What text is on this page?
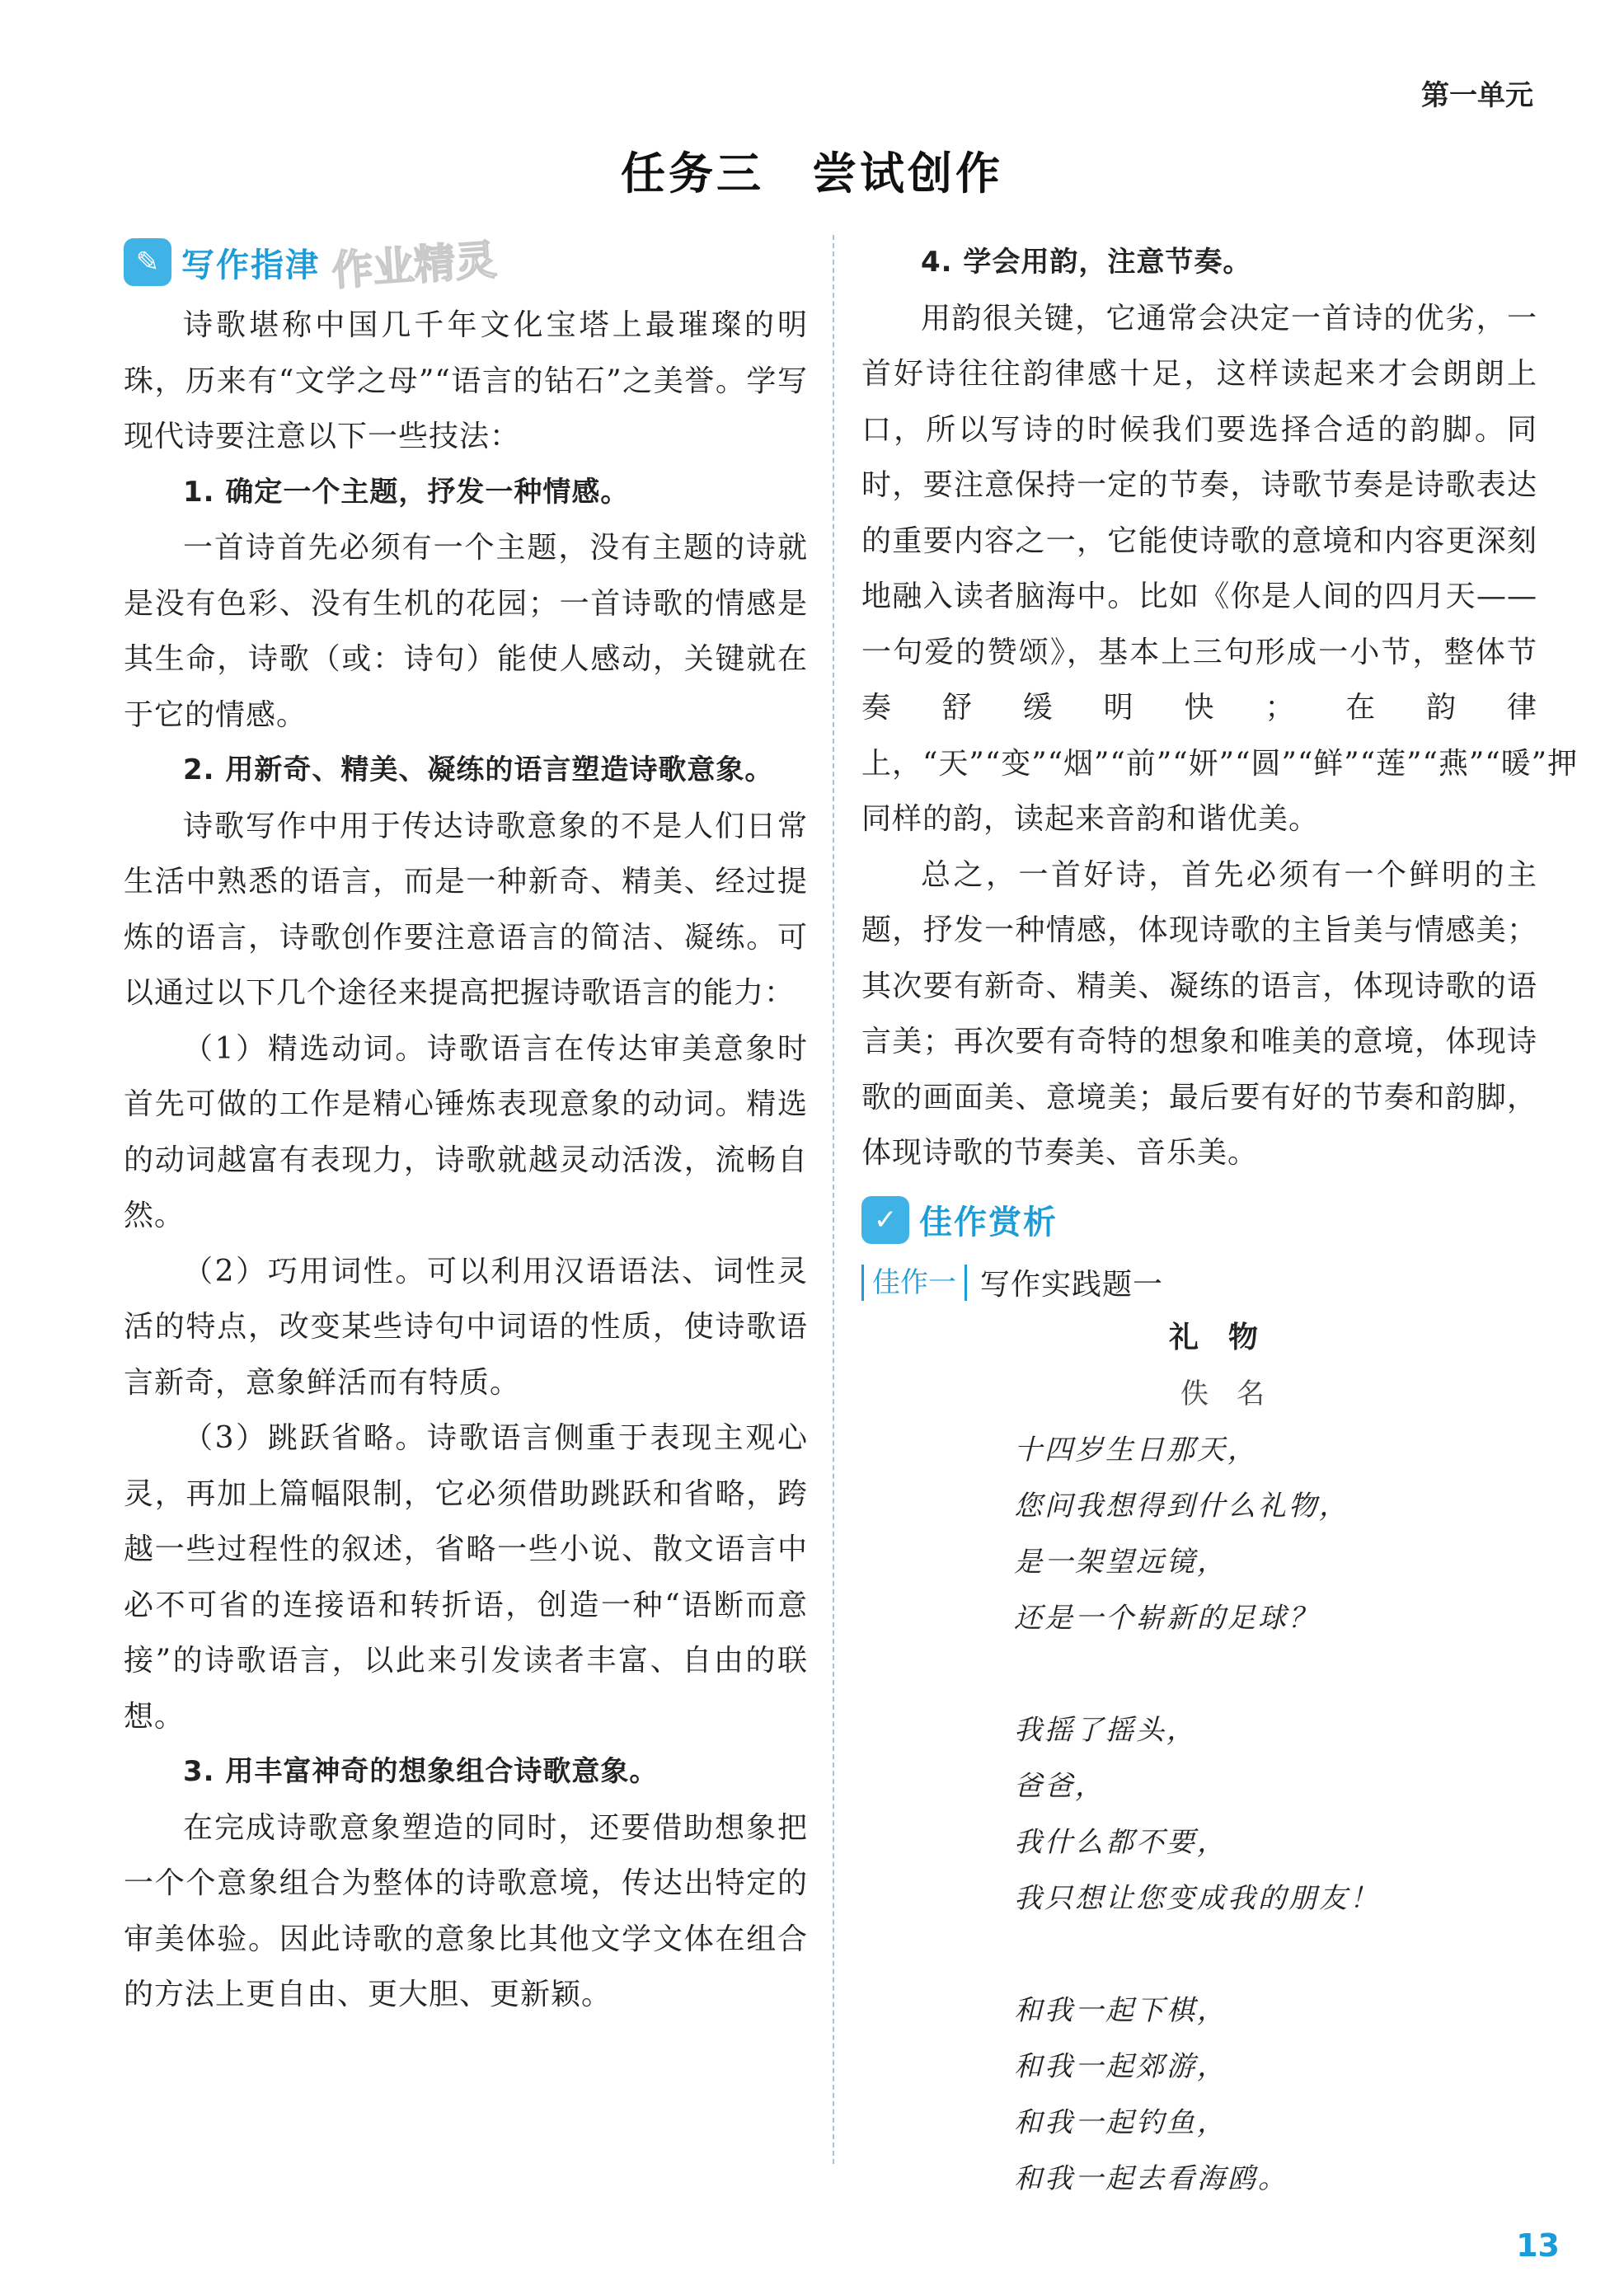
第一单元
任务三　尝试创作
✎ 写作指津 作业精灵

诗歌堪称中国几千年文化宝塔上最璀璨的明珠，历来有“文学之母”“语言的钻石”之美誉。学写现代诗要注意以下一些技法：

1. 确定一个主题，抒发一种情感。

一首诗首先必须有一个主题，没有主题的诗就是没有色彩、没有生机的花园；一首诗歌的情感是其生命，诗歌（或：诗句）能使人感动，关键就在于它的情感。

2. 用新奇、精美、凝练的语言塑造诗歌意象。

诗歌写作中用于传达诗歌意象的不是人们日常生活中熟悉的语言，而是一种新奇、精美、经过提炼的语言，诗歌创作要注意语言的简洁、凝练。可以通过以下几个途径来提高把握诗歌语言的能力：

（1）精选动词。诗歌语言在传达审美意象时首先可做的工作是精心锤炼表现意象的动词。精选的动词越富有表现力，诗歌就越灵动活泼，流畅自然。

（2）巧用词性。可以利用汉语语法、词性灵活的特点，改变某些诗句中词语的性质，使诗歌语言新奇，意象鲜活而有特质。

（3）跳跃省略。诗歌语言侧重于表现主观心灵，再加上篇幅限制，它必须借助跳跃和省略，跨越一些过程性的叙述，省略一些小说、散文语言中必不可省的连接语和转折语，创造一种“语断而意接”的诗歌语言，以此来引发读者丰富、自由的联想。

3. 用丰富神奇的想象组合诗歌意象。

在完成诗歌意象塑造的同时，还要借助想象把一个个意象组合为整体的诗歌意境，传达出特定的审美体验。因此诗歌的意象比其他文学文体在组合的方法上更自由、更大胆、更新颖。

4. 学会用韵，注意节奏。

用韵很关键，它通常会决定一首诗的优劣，一首好诗往往韵律感十足，这样读起来才会朗朗上口，所以写诗的时候我们要选择合适的韵脚。同时，要注意保持一定的节奏，诗歌节奏是诗歌表达的重要内容之一，它能使诗歌的意境和内容更深刻地融入读者脑海中。比如《你是人间的四月天——一句爱的赞颂》，基本上三句形成一小节，整体节奏舒缓明快；在韵律上，“天”“变”“烟”“前”“妍”“圆”“鲜”“莲”“燕”“暖”押同样的韵，读起来音韵和谐优美。

总之，一首好诗，首先必须有一个鲜明的主题，抒发一种情感，体现诗歌的主旨美与情感美；其次要有新奇、精美、凝练的语言，体现诗歌的语言美；再次要有奇特的想象和唯美的意境，体现诗歌的画面美、意境美；最后要有好的节奏和韵脚，体现诗歌的节奏美、音乐美。

✓ 佳作赏析
佳作一 写作实践题一
礼物
佚名
十四岁生日那天，
您问我想得到什么礼物，
是一架望远镜，
还是一个崭新的足球？
我摇了摇头，
爸爸，
我什么都不要，
我只想让您变成我的朋友！
和我一起下棋，
和我一起郊游，
和我一起钓鱼，
和我一起去看海鸥。
13
